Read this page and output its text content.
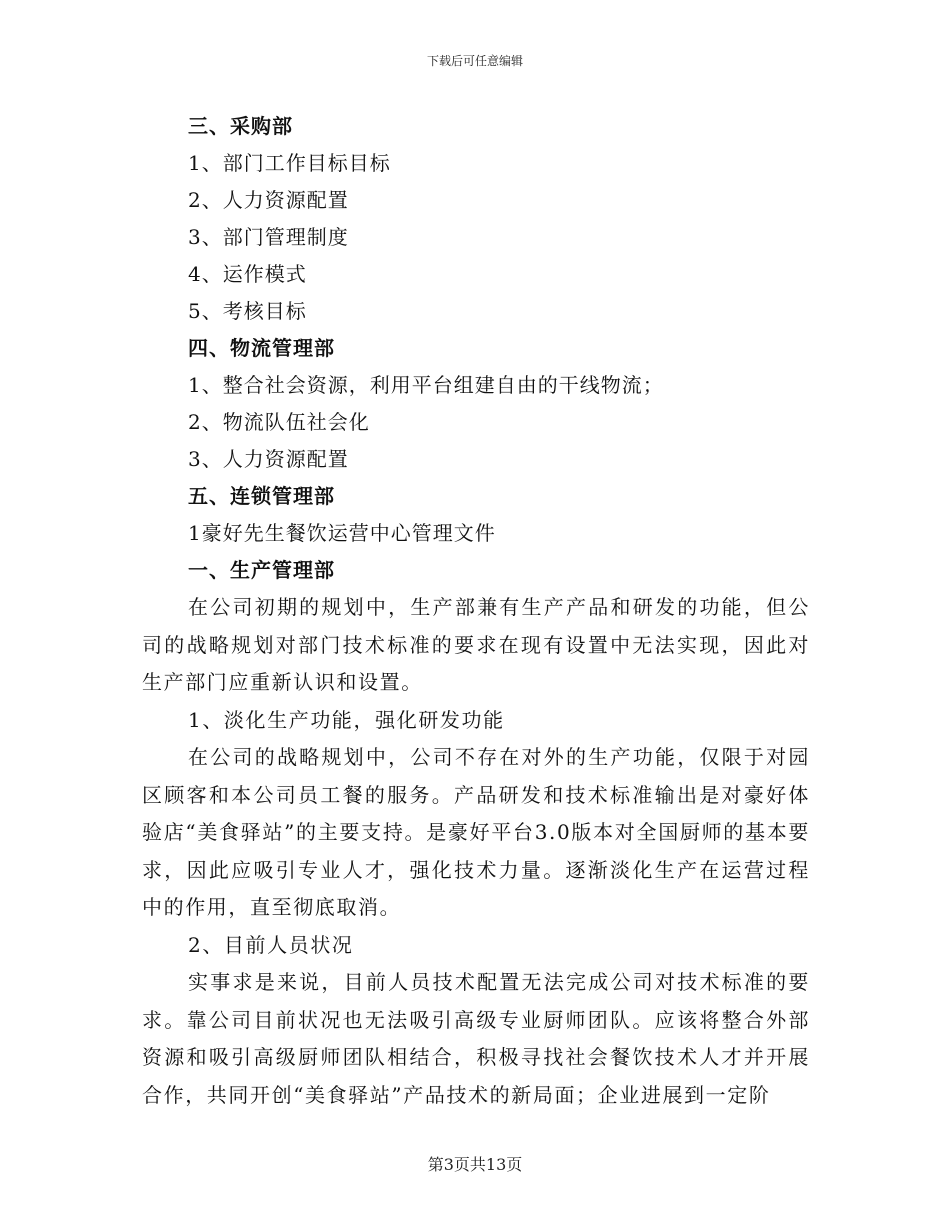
下载后可任意编辑
三、采购部
1、部门工作目标目标
2、人力资源配置
3、部门管理制度
4、运作模式
5、考核目标
四、物流管理部
1、整合社会资源，利用平台组建自由的干线物流；
2、物流队伍社会化
3、人力资源配置
五、连锁管理部
1豪好先生餐饮运营中心管理文件
一、生产管理部
在公司初期的规划中，生产部兼有生产产品和研发的功能，但公司的战略规划对部门技术标准的要求在现有设置中无法实现，因此对生产部门应重新认识和设置。
1、淡化生产功能，强化研发功能
在公司的战略规划中，公司不存在对外的生产功能，仅限于对园区顾客和本公司员工餐的服务。产品研发和技术标准输出是对豪好体验店“美食驿站”的主要支持。是豪好平台3.0版本对全国厨师的基本要求，因此应吸引专业人才，强化技术力量。逐渐淡化生产在运营过程中的作用，直至彻底取消。
2、目前人员状况
实事求是来说，目前人员技术配置无法完成公司对技术标准的要求。靠公司目前状况也无法吸引高级专业厨师团队。应该将整合外部资源和吸引高级厨师团队相结合，积极寻找社会餐饮技术人才并开展合作，共同开创“美食驿站”产品技术的新局面；企业进展到一定阶
第3页共13页
